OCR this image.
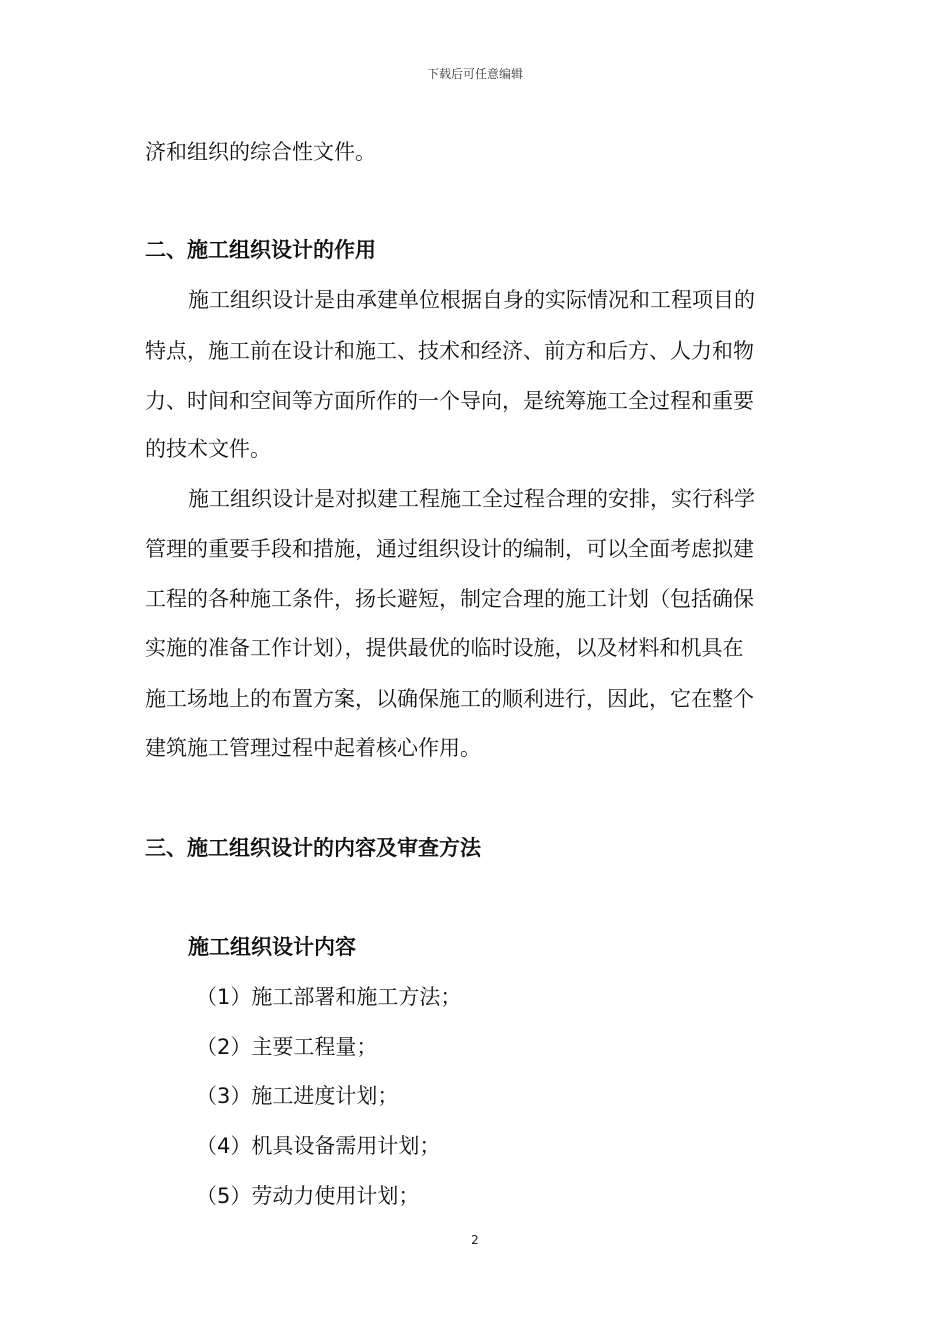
下载后可任意编辑
济和组织的综合性文件。
二、施工组织设计的作用
施工组织设计是由承建单位根据自身的实际情况和工程项目的
特点，施工前在设计和施工、技术和经济、前方和后方、人力和物
力、时间和空间等方面所作的一个导向，是统筹施工全过程和重要
的技术文件。
施工组织设计是对拟建工程施工全过程合理的安排，实行科学
管理的重要手段和措施，通过组织设计的编制，可以全面考虑拟建
工程的各种施工条件，扬长避短，制定合理的施工计划（包括确保
实施的准备工作计划），提供最优的临时设施，以及材料和机具在
施工场地上的布置方案，以确保施工的顺利进行，因此，它在整个
建筑施工管理过程中起着核心作用。
三、施工组织设计的内容及审查方法
施工组织设计内容
（1）施工部署和施工方法；
（2）主要工程量；
（3）施工进度计划；
（4）机具设备需用计划；
（5）劳动力使用计划；
2
